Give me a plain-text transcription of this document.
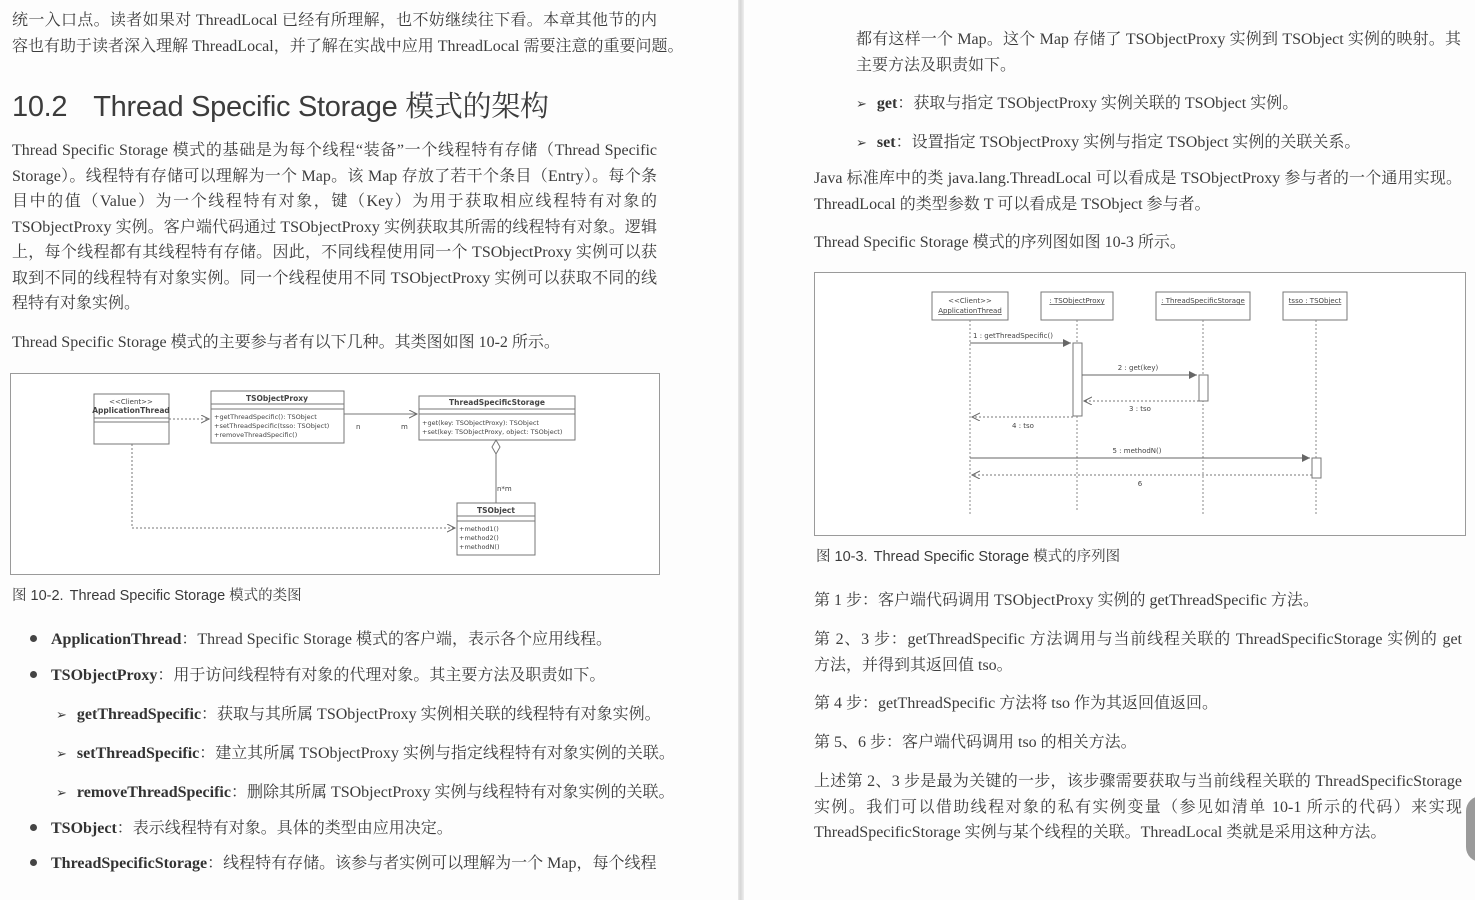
统一入口点。读者如果对 ThreadLocal 已经有所理解，也不妨继续往下看。本章其他节的内
容也有助于读者深入理解 ThreadLocal，并了解在实战中应用 ThreadLocal 需要注意的重要问题。
10.2 Thread Specific Storage 模式的架构
Thread Specific Storage 模式的基础是为每个线程“装备”一个线程特有存储（Thread Specific
Storage）。线程特有存储可以理解为一个 Map。该 Map 存放了若干个条目（Entry）。每个条
目中的值（Value）为一个线程特有对象，键（Key）为用于获取相应线程特有对象的
TSObjectProxy 实例。客户端代码通过 TSObjectProxy 实例获取其所需的线程特有对象。逻辑
上，每个线程都有其线程特有存储。因此，不同线程使用同一个 TSObjectProxy 实例可以获
取到不同的线程特有对象实例。同一个线程使用不同 TSObjectProxy 实例可以获取不同的线
程特有对象实例。
Thread Specific Storage 模式的主要参与者有以下几种。其类图如图 10-2 所示。
<<Client>>
ApplicationThread
TSObjectProxy
+getThreadSpecific(): TSObject
+setThreadSpecific(tsso: TSObject)
+removeThreadSpecific()
ThreadSpecificStorage
+get(key: TSObjectProxy): TSObject
+set(key: TSObjectProxy, object: TSObject)
TSObject
+method1()
+method2()
+methodN()
n	m
n*m
图 10-2. Thread Specific Storage 模式的类图
ApplicationThread：Thread Specific Storage 模式的客户端，表示各个应用线程。
TSObjectProxy：用于访问线程特有对象的代理对象。其主要方法及职责如下。
➢ getThreadSpecific：获取与其所属 TSObjectProxy 实例相关联的线程特有对象实例。
➢ setThreadSpecific：建立其所属 TSObjectProxy 实例与指定线程特有对象实例的关联。
➢ removeThreadSpecific：删除其所属 TSObjectProxy 实例与线程特有对象实例的关联。
TSObject：表示线程特有对象。具体的类型由应用决定。
ThreadSpecificStorage：线程特有存储。该参与者实例可以理解为一个 Map，每个线程
都有这样一个 Map。这个 Map 存储了 TSObjectProxy 实例到 TSObject 实例的映射。其
主要方法及职责如下。
➢ get：获取与指定 TSObjectProxy 实例关联的 TSObject 实例。
➢ set：设置指定 TSObjectProxy 实例与指定 TSObject 实例的关联关系。
Java 标准库中的类 java.lang.ThreadLocal 可以看成是 TSObjectProxy 参与者的一个通用实现。
ThreadLocal 的类型参数 T 可以看成是 TSObject 参与者。
Thread Specific Storage 模式的序列图如图 10-3 所示。
<<Client>>
ApplicationThread
: TSObjectProxy	: ThreadSpecificStorage	tsso : TSObject
1 : getThreadSpecific()
2 : get(key)
3 : tso
4 : tso
5 : methodN()
6
图 10-3. Thread Specific Storage 模式的序列图
第 1 步：客户端代码调用 TSObjectProxy 实例的 getThreadSpecific 方法。
第 2、3 步：getThreadSpecific 方法调用与当前线程关联的 ThreadSpecificStorage 实例的 get
方法，并得到其返回值 tso。
第 4 步：getThreadSpecific 方法将 tso 作为其返回值返回。
第 5、6 步：客户端代码调用 tso 的相关方法。
上述第 2、3 步是最为关键的一步，该步骤需要获取与当前线程关联的 ThreadSpecificStorage
实例。我们可以借助线程对象的私有实例变量（参见如清单 10-1 所示的代码）来实现
ThreadSpecificStorage 实例与某个线程的关联。ThreadLocal 类就是采用这种方法。
